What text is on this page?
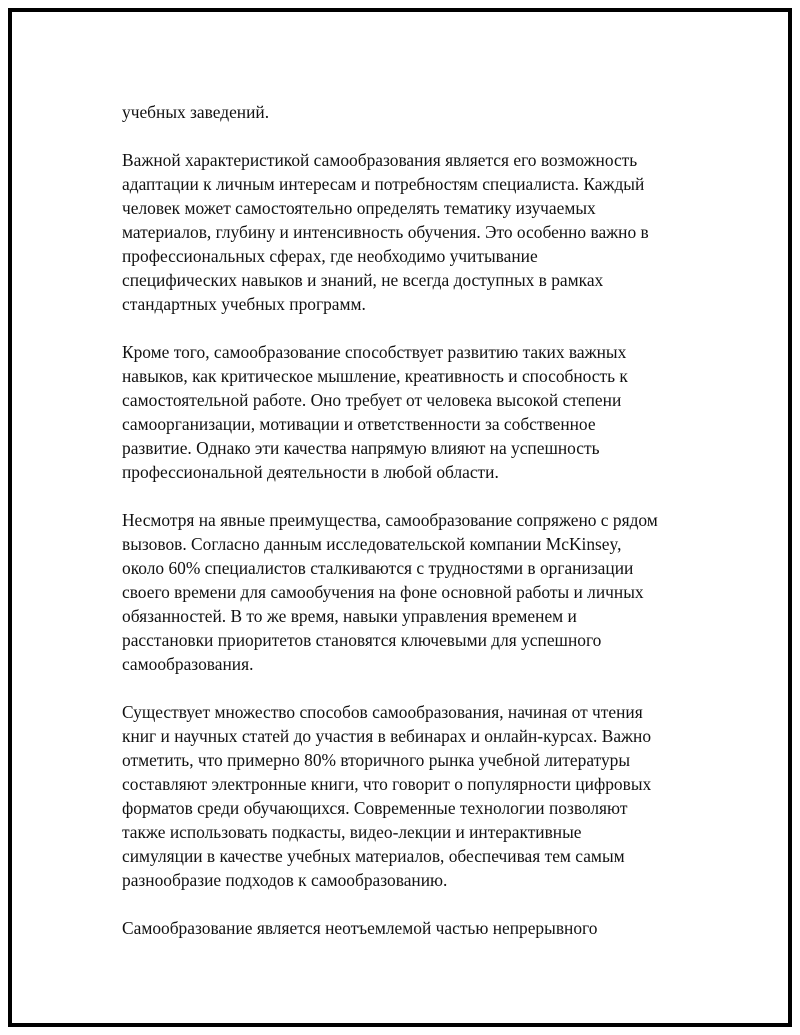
учебных заведений.
Важной характеристикой самообразования является его возможность
адаптации к личным интересам и потребностям специалиста. Каждый
человек может самостоятельно определять тематику изучаемых
материалов, глубину и интенсивность обучения. Это особенно важно в
профессиональных сферах, где необходимо учитывание
специфических навыков и знаний, не всегда доступных в рамках
стандартных учебных программ.
Кроме того, самообразование способствует развитию таких важных
навыков, как критическое мышление, креативность и способность к
самостоятельной работе. Оно требует от человека высокой степени
самоорганизации, мотивации и ответственности за собственное
развитие. Однако эти качества напрямую влияют на успешность
профессиональной деятельности в любой области.
Несмотря на явные преимущества, самообразование сопряжено с рядом
вызовов. Согласно данным исследовательской компании McKinsey,
около 60% специалистов сталкиваются с трудностями в организации
своего времени для самообучения на фоне основной работы и личных
обязанностей. В то же время, навыки управления временем и
расстановки приоритетов становятся ключевыми для успешного
самообразования.
Существует множество способов самообразования, начиная от чтения
книг и научных статей до участия в вебинарах и онлайн-курсах. Важно
отметить, что примерно 80% вторичного рынка учебной литературы
составляют электронные книги, что говорит о популярности цифровых
форматов среди обучающихся. Современные технологии позволяют
также использовать подкасты, видео-лекции и интерактивные
симуляции в качестве учебных материалов, обеспечивая тем самым
разнообразие подходов к самообразованию.
Самообразование является неотъемлемой частью непрерывного
